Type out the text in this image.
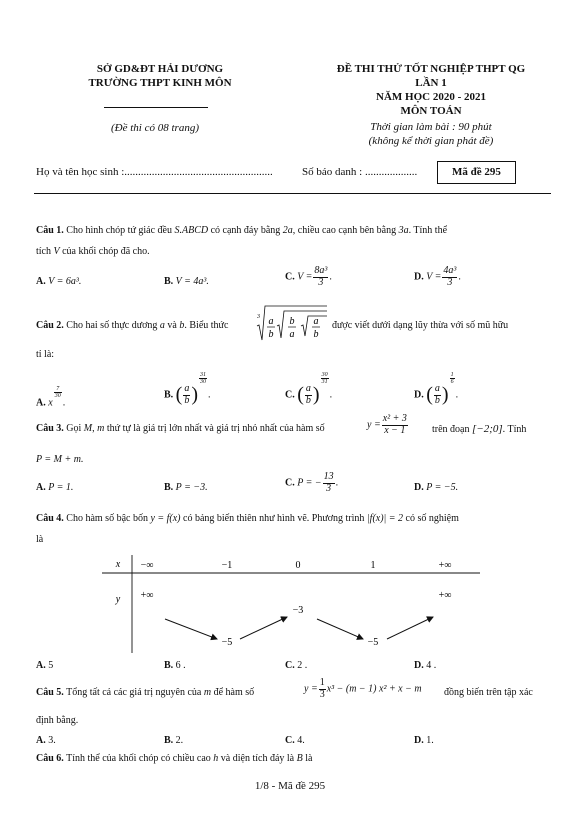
SỞ GD&ĐT HẢI DƯƠNG
TRƯỜNG THPT KINH MÔN
(Đề thi có 08 trang)
ĐỀ THI THỬ TỐT NGHIỆP THPT QG
LẦN 1
NĂM HỌC 2020 - 2021
MÔN TOÁN
Thời gian làm bài : 90 phút
(không kể thời gian phát đề)
Họ và tên học sinh :......................................................	Số báo danh : ...................	Mã đề 295
Câu 1. Cho hình chóp tứ giác đều S.ABCD có cạnh đáy bằng 2a, chiều cao cạnh bên bằng 3a. Tính thể
tích V của khối chóp đã cho.
A. V = 6a³.	B. V = 4a³.	C. $V = \frac{\text{8a³}}{3}$ .	D. $V = \frac{\text{4a³}}{3}$ .
Câu 2. Cho hai số thực dương a và b. Biểu thức
3 a
b
b
a
a
b
được viết dưới dạng lũy thừa với số mũ hữu
tỉ là:
A. x
$\frac{7}{30}$
.
B. ( $\frac{a}{b}$ )
$\frac{31}{30}$
.	C. ( $\frac{a}{b}$ )
$\frac{30}{31}$
.	D. ( $\frac{a}{b}$ )
$\frac{1}{6}$
.
Câu 3. Gọi M, m thứ tự là giá trị lớn nhất và giá trị nhỏ nhất của hàm số	$y = \frac{\text{x² + 3}}{x - 1}$ trên đoạn [−2;0]. Tính
P = M + m.
A. P = 1.	B. P = −3.	C. P = − $\frac{13}{3}$ .	D. P = −5.
Câu 4. Cho hàm số bậc bốn y = f(x) có bảng biến thiên như hình vẽ. Phương trình |f(x)| = 2 có số nghiệm
là
x
y
−∞	−1	0	1	+∞
+∞	+∞
−5
−3
−5
A. 5	B. 6 .	C. 2 .	D. 4 .
Câu 5. Tổng tất cả các giá trị nguyên của m để hàm số	$y = \frac{1}{3} x^3 - (m - 1) x^2 + x - m$ đồng biến trên tập xác
định bằng.
A. 3.	B. 2.	C. 4.	D. 1.
Câu 6. Tính thể của khối chóp có chiều cao h và diện tích đáy là B là
1/8 - Mã đề 295
